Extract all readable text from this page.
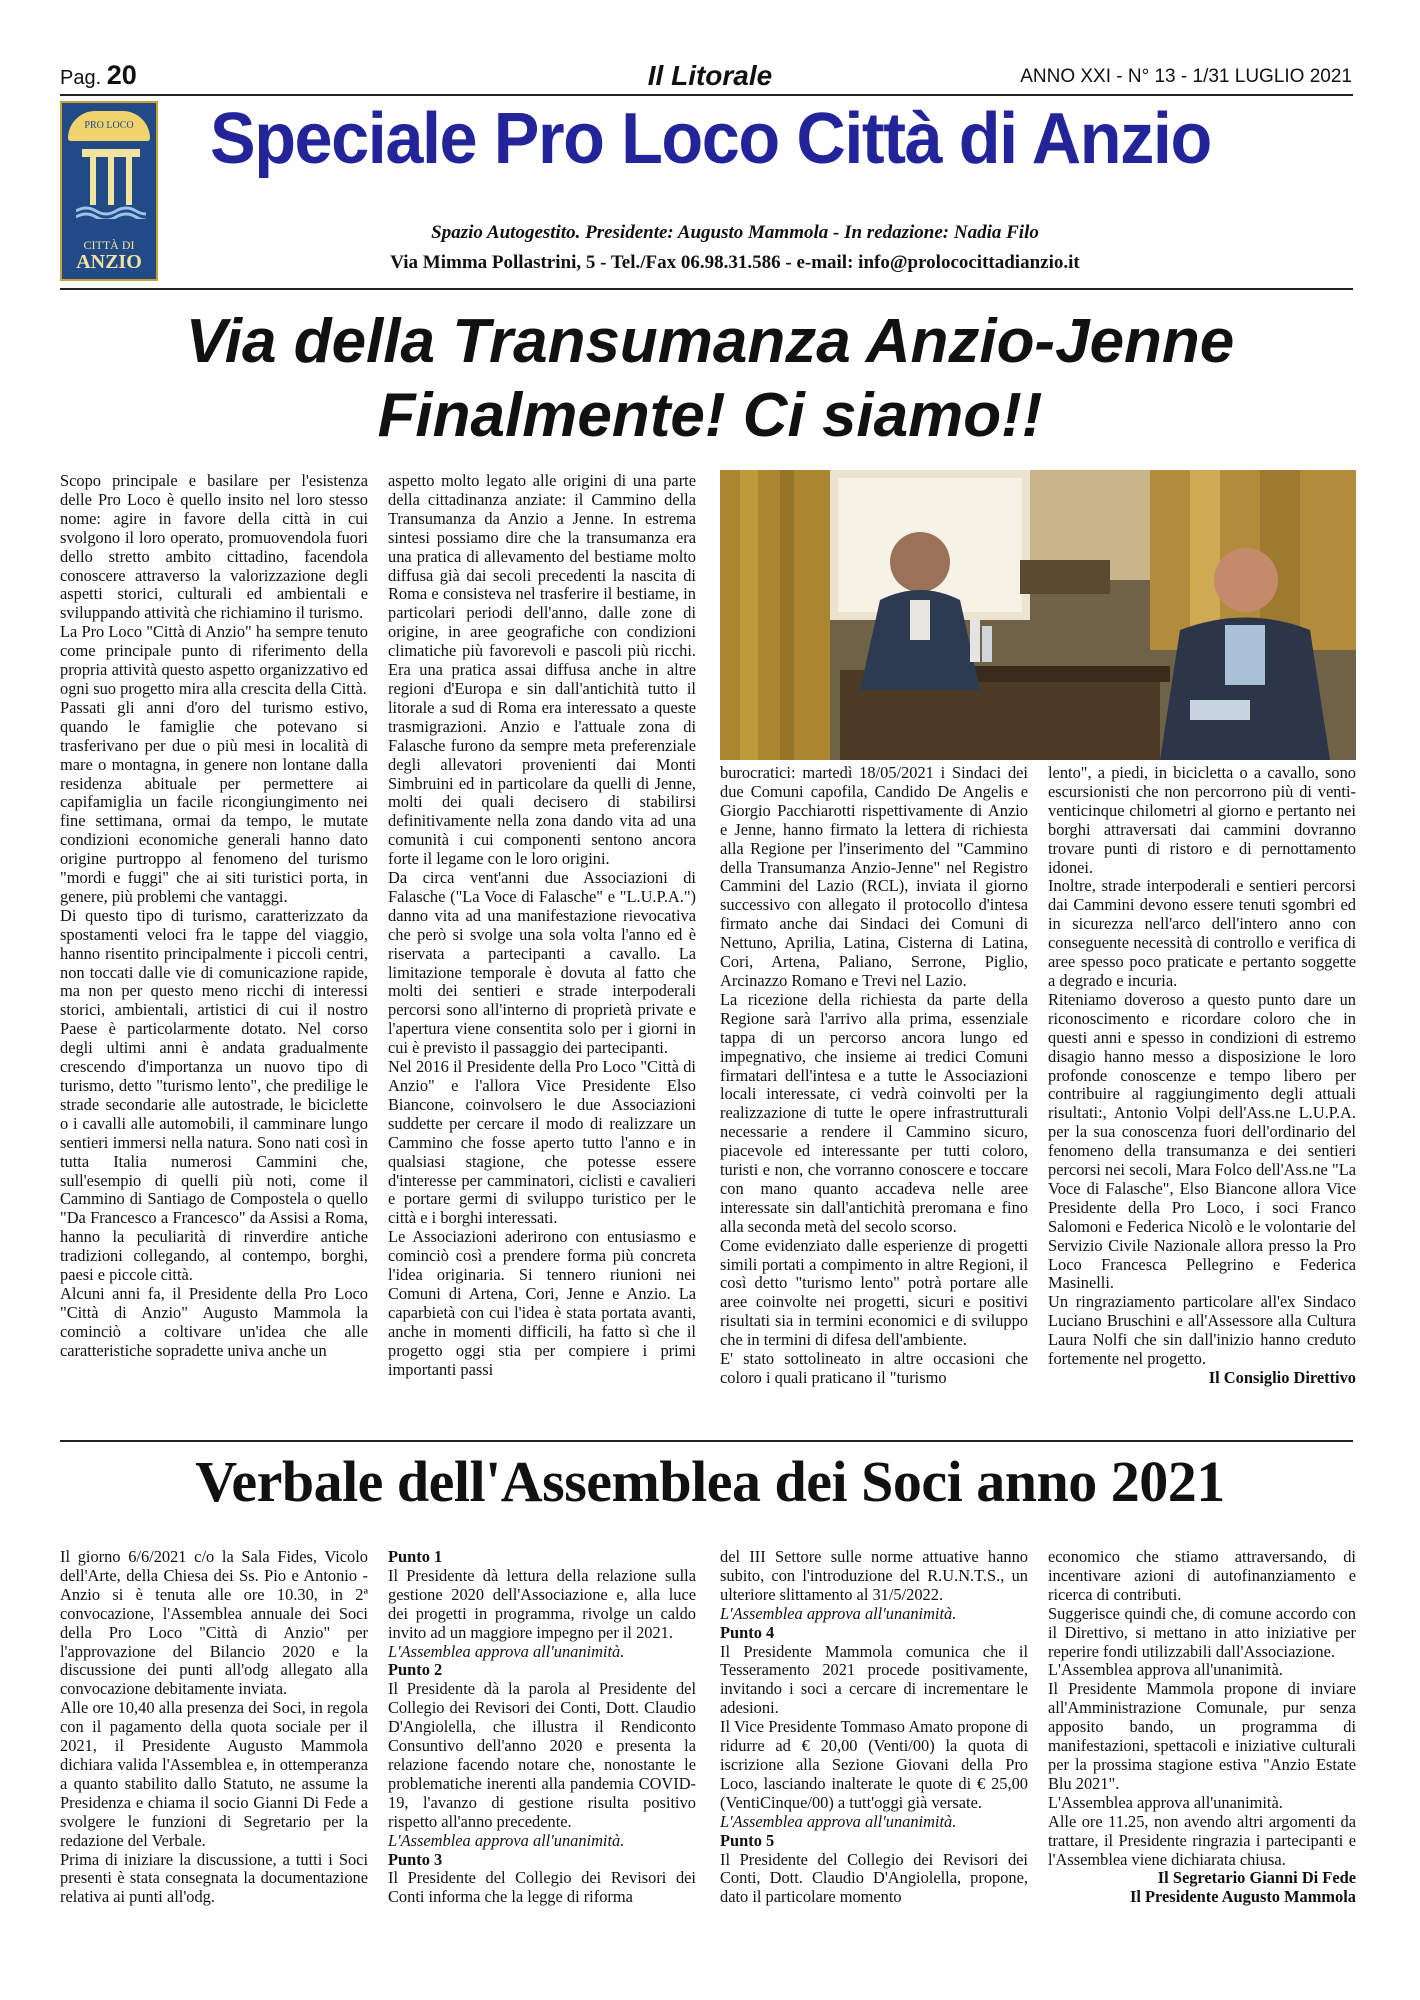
Pag. 20	Il Litorale	ANNO XXI - N° 13 - 1/31 LUGLIO 2021
PRO LOCO
CITTÀ DI
ANZIO
Speciale Pro Loco Città di Anzio
Spazio Autogestito. Presidente: Augusto Mammola - In redazione: Nadia Filo
Via Mimma Pollastrini, 5 - Tel./Fax 06.98.31.586 - e-mail: info@prolococittadianzio.it
Via della Transumanza Anzio-Jenne
Finalmente! Ci siamo!!

Scopo principale e basilare per l'esistenza delle Pro Loco è quello insito nel loro stesso nome: agire in favore della città in cui svolgono il loro operato, promuovendola fuori dello stretto ambito cittadino, facendola conoscere attraverso la valorizzazione degli aspetti storici, culturali ed ambientali e sviluppando attività che richiamino il turismo.

La Pro Loco "Città di Anzio" ha sempre tenuto come principale punto di riferimento della propria attività questo aspetto organizzativo ed ogni suo progetto mira alla crescita della Città.

Passati gli anni d'oro del turismo estivo, quando le famiglie che potevano si trasferivano per due o più mesi in località di mare o montagna, in genere non lontane dalla residenza abituale per permettere ai capifamiglia un facile ricongiungimento nei fine settimana, ormai da tempo, le mutate condizioni economiche generali hanno dato origine purtroppo al fenomeno del turismo "mordi e fuggi" che ai siti turistici porta, in genere, più problemi che vantaggi.

Di questo tipo di turismo, caratterizzato da spostamenti veloci fra le tappe del viaggio, hanno risentito principalmente i piccoli centri, non toccati dalle vie di comunicazione rapide, ma non per questo meno ricchi di interessi storici, ambientali, artistici di cui il nostro Paese è particolarmente dotato. Nel corso degli ultimi anni è andata gradualmente crescendo d'importanza un nuovo tipo di turismo, detto "turismo lento", che predilige le strade secondarie alle autostrade, le biciclette o i cavalli alle automobili, il camminare lungo sentieri immersi nella natura. Sono nati così in tutta Italia numerosi Cammini che, sull'esempio di quelli più noti, come il Cammino di Santiago de Compostela o quello "Da Francesco a Francesco" da Assisi a Roma, hanno la peculiarità di rinverdire antiche tradizioni collegando, al contempo, borghi, paesi e piccole città.

Alcuni anni fa, il Presidente della Pro Loco "Città di Anzio" Augusto Mammola la cominciò a coltivare un'idea che alle caratteristiche sopradette univa anche un

aspetto molto legato alle origini di una parte della cittadinanza anziate: il Cammino della Transumanza da Anzio a Jenne. In estrema sintesi possiamo dire che la transumanza era una pratica di allevamento del bestiame molto diffusa già dai secoli precedenti la nascita di Roma e consisteva nel trasferire il bestiame, in particolari periodi dell'anno, dalle zone di origine, in aree geografiche con condizioni climatiche più favorevoli e pascoli più ricchi. Era una pratica assai diffusa anche in altre regioni d'Europa e sin dall'antichità tutto il litorale a sud di Roma era interessato a queste trasmigrazioni. Anzio e l'attuale zona di Falasche furono da sempre meta preferenziale degli allevatori provenienti dai Monti Simbruini ed in particolare da quelli di Jenne, molti dei quali decisero di stabilirsi definitivamente nella zona dando vita ad una comunità i cui componenti sentono ancora forte il legame con le loro origini.

Da circa vent'anni due Associazioni di Falasche ("La Voce di Falasche" e "L.U.P.A.") danno vita ad una manifestazione rievocativa che però si svolge una sola volta l'anno ed è riservata a partecipanti a cavallo. La limitazione temporale è dovuta al fatto che molti dei sentieri e strade interpoderali percorsi sono all'interno di proprietà private e l'apertura viene consentita solo per i giorni in cui è previsto il passaggio dei partecipanti.

Nel 2016 il Presidente della Pro Loco "Città di Anzio" e l'allora Vice Presidente Elso Biancone, coinvolsero le due Associazioni suddette per cercare il modo di realizzare un Cammino che fosse aperto tutto l'anno e in qualsiasi stagione, che potesse essere d'interesse per camminatori, ciclisti e cavalieri e portare germi di sviluppo turistico per le città e i borghi interessati.

Le Associazioni aderirono con entusiasmo e cominciò così a prendere forma più concreta l'idea originaria. Si tennero riunioni nei Comuni di Artena, Cori, Jenne e Anzio. La caparbietà con cui l'idea è stata portata avanti, anche in momenti difficili, ha fatto sì che il progetto oggi stia per compiere i primi importanti passi

burocratici: martedì 18/05/2021 i Sindaci dei due Comuni capofila, Candido De Angelis e Giorgio Pacchiarotti rispettivamente di Anzio e Jenne, hanno firmato la lettera di richiesta alla Regione per l'inserimento del "Cammino della Transumanza Anzio-Jenne" nel Registro Cammini del Lazio (RCL), inviata il giorno successivo con allegato il protocollo d'intesa firmato anche dai Sindaci dei Comuni di Nettuno, Aprilia, Latina, Cisterna di Latina, Cori, Artena, Paliano, Serrone, Piglio, Arcinazzo Romano e Trevi nel Lazio.

La ricezione della richiesta da parte della Regione sarà l'arrivo alla prima, essenziale tappa di un percorso ancora lungo ed impegnativo, che insieme ai tredici Comuni firmatari dell'intesa e a tutte le Associazioni locali interessate, ci vedrà coinvolti per la realizzazione di tutte le opere infrastrutturali necessarie a rendere il Cammino sicuro, piacevole ed interessante per tutti coloro, turisti e non, che vorranno conoscere e toccare con mano quanto accadeva nelle aree interessate sin dall'antichità preromana e fino alla seconda metà del secolo scorso.

Come evidenziato dalle esperienze di progetti simili portati a compimento in altre Regioni, il così detto "turismo lento" potrà portare alle aree coinvolte nei progetti, sicuri e positivi risultati sia in termini economici e di sviluppo che in termini di difesa dell'ambiente.

E' stato sottolineato in altre occasioni che coloro i quali praticano il "turismo

lento", a piedi, in bicicletta o a cavallo, sono escursionisti che non percorrono più di venti-venticinque chilometri al giorno e pertanto nei borghi attraversati dai cammini dovranno trovare punti di ristoro e di pernottamento idonei.

Inoltre, strade interpoderali e sentieri percorsi dai Cammini devono essere tenuti sgombri ed in sicurezza nell'arco dell'intero anno con conseguente necessità di controllo e verifica di aree spesso poco praticate e pertanto soggette a degrado e incuria.

Riteniamo doveroso a questo punto dare un riconoscimento e ricordare coloro che in questi anni e spesso in condizioni di estremo disagio hanno messo a disposizione le loro profonde conoscenze e tempo libero per contribuire al raggiungimento degli attuali risultati:, Antonio Volpi dell'Ass.ne L.U.P.A. per la sua conoscenza fuori dell'ordinario del fenomeno della transumanza e dei sentieri percorsi nei secoli, Mara Folco dell'Ass.ne "La Voce di Falasche", Elso Biancone allora Vice Presidente della Pro Loco, i soci Franco Salomoni e Federica Nicolò e le volontarie del Servizio Civile Nazionale allora presso la Pro Loco Francesca Pellegrino e Federica Masinelli.

Un ringraziamento particolare all'ex Sindaco Luciano Bruschini e all'Assessore alla Cultura Laura Nolfi che sin dall'inizio hanno creduto fortemente nel progetto.

Il Consiglio Direttivo

Verbale dell'Assemblea dei Soci anno 2021

Il giorno 6/6/2021 c/o la Sala Fides, Vicolo dell'Arte, della Chiesa dei Ss. Pio e Antonio - Anzio si è tenuta alle ore 10.30, in 2ª convocazione, l'Assemblea annuale dei Soci della Pro Loco "Città di Anzio" per l'approvazione del Bilancio 2020 e la discussione dei punti all'odg allegato alla convocazione debitamente inviata.

Alle ore 10,40 alla presenza dei Soci, in regola con il pagamento della quota sociale per il 2021, il Presidente Augusto Mammola dichiara valida l'Assemblea e, in ottemperanza a quanto stabilito dallo Statuto, ne assume la Presidenza e chiama il socio Gianni Di Fede a svolgere le funzioni di Segretario per la redazione del Verbale.

Prima di iniziare la discussione, a tutti i Soci presenti è stata consegnata la documentazione relativa ai punti all'odg.

Punto 1

Il Presidente dà lettura della relazione sulla gestione 2020 dell'Associazione e, alla luce dei progetti in programma, rivolge un caldo invito ad un maggiore impegno per il 2021.

L'Assemblea approva all'unanimità.

Punto 2

Il Presidente dà la parola al Presidente del Collegio dei Revisori dei Conti, Dott. Claudio D'Angiolella, che illustra il Rendiconto Consuntivo dell'anno 2020 e presenta la relazione facendo notare che, nonostante le problematiche inerenti alla pandemia COVID-19, l'avanzo di gestione risulta positivo rispetto all'anno precedente.

L'Assemblea approva all'unanimità.

Punto 3

Il Presidente del Collegio dei Revisori dei Conti informa che la legge di riforma

del III Settore sulle norme attuative hanno subito, con l'introduzione del R.U.N.T.S., un ulteriore slittamento al 31/5/2022.

L'Assemblea approva all'unanimità.

Punto 4

Il Presidente Mammola comunica che il Tesseramento 2021 procede positivamente, invitando i soci a cercare di incrementare le adesioni.

Il Vice Presidente Tommaso Amato propone di ridurre ad € 20,00 (Venti/00) la quota di iscrizione alla Sezione Giovani della Pro Loco, lasciando inalterate le quote di € 25,00 (VentiCinque/00) a tutt'oggi già versate.

L'Assemblea approva all'unanimità.

Punto 5

Il Presidente del Collegio dei Revisori dei Conti, Dott. Claudio D'Angiolella, propone, dato il particolare momento

economico che stiamo attraversando, di incentivare azioni di autofinanziamento e ricerca di contributi.

Suggerisce quindi che, di comune accordo con il Direttivo, si mettano in atto iniziative per reperire fondi utilizzabili dall'Associazione.

L'Assemblea approva all'unanimità.

Il Presidente Mammola propone di inviare all'Amministrazione Comunale, pur senza apposito bando, un programma di manifestazioni, spettacoli e iniziative culturali per la prossima stagione estiva "Anzio Estate Blu 2021".

L'Assemblea approva all'unanimità.

Alle ore 11.25, non avendo altri argomenti da trattare, il Presidente ringrazia i partecipanti e l'Assemblea viene dichiarata chiusa.

Il Segretario Gianni Di Fede

Il Presidente Augusto Mammola
